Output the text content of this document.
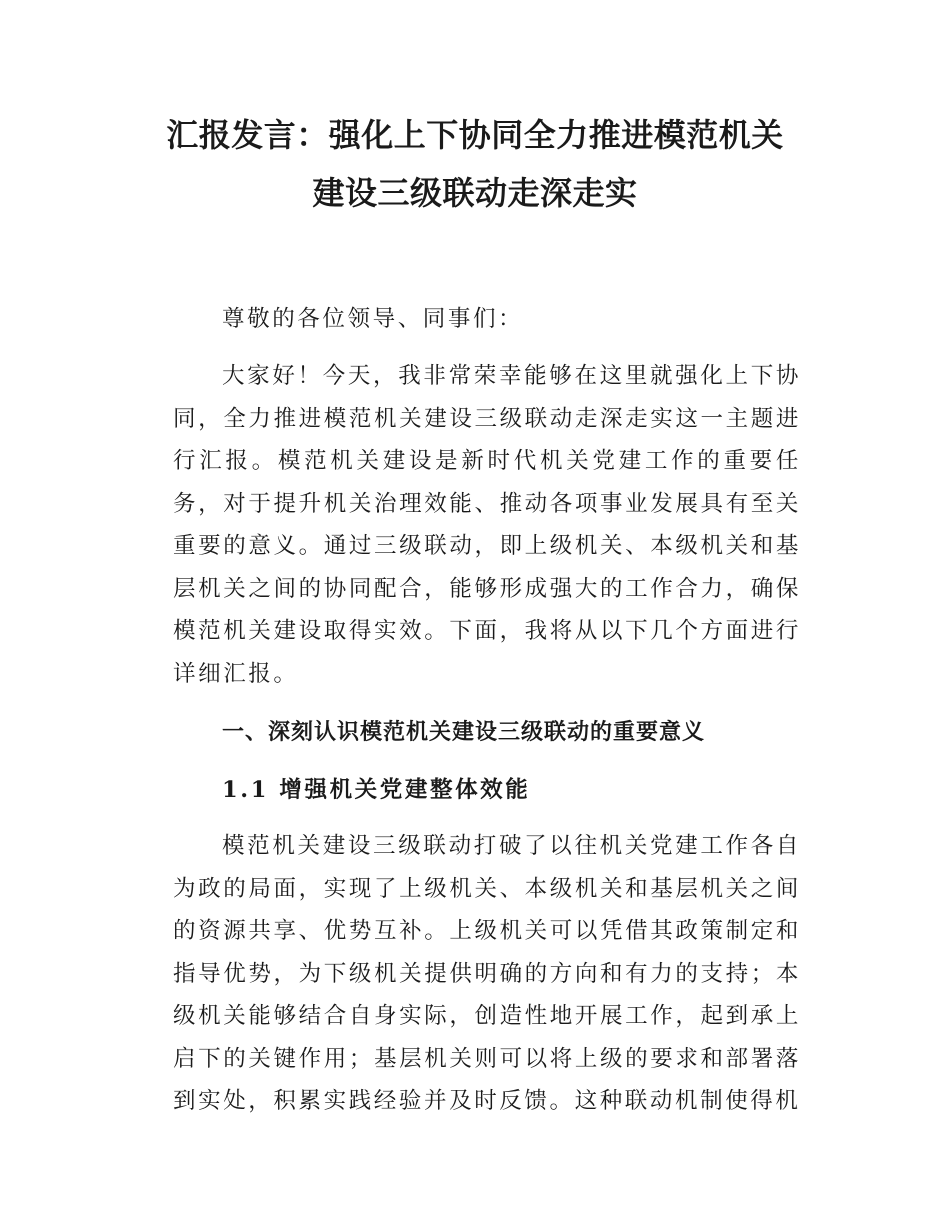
汇报发言：强化上下协同全力推进模范机关
建设三级联动走深走实

尊敬的各位领导、同事们：

大家好！今天，我非常荣幸能够在这里就强化上下协同，全力推进模范机关建设三级联动走深走实这一主题进行汇报。模范机关建设是新时代机关党建工作的重要任务，对于提升机关治理效能、推动各项事业发展具有至关重要的意义。通过三级联动，即上级机关、本级机关和基层机关之间的协同配合，能够形成强大的工作合力，确保模范机关建设取得实效。下面，我将从以下几个方面进行详细汇报。

一、深刻认识模范机关建设三级联动的重要意义
1.1 增强机关党建整体效能

模范机关建设三级联动打破了以往机关党建工作各自为政的局面，实现了上级机关、本级机关和基层机关之间的资源共享、优势互补。上级机关可以凭借其政策制定和指导优势，为下级机关提供明确的方向和有力的支持；本级机关能够结合自身实际，创造性地开展工作，起到承上启下的关键作用；基层机关则可以将上级的要求和部署落到实处，积累实践经验并及时反馈。这种联动机制使得机
